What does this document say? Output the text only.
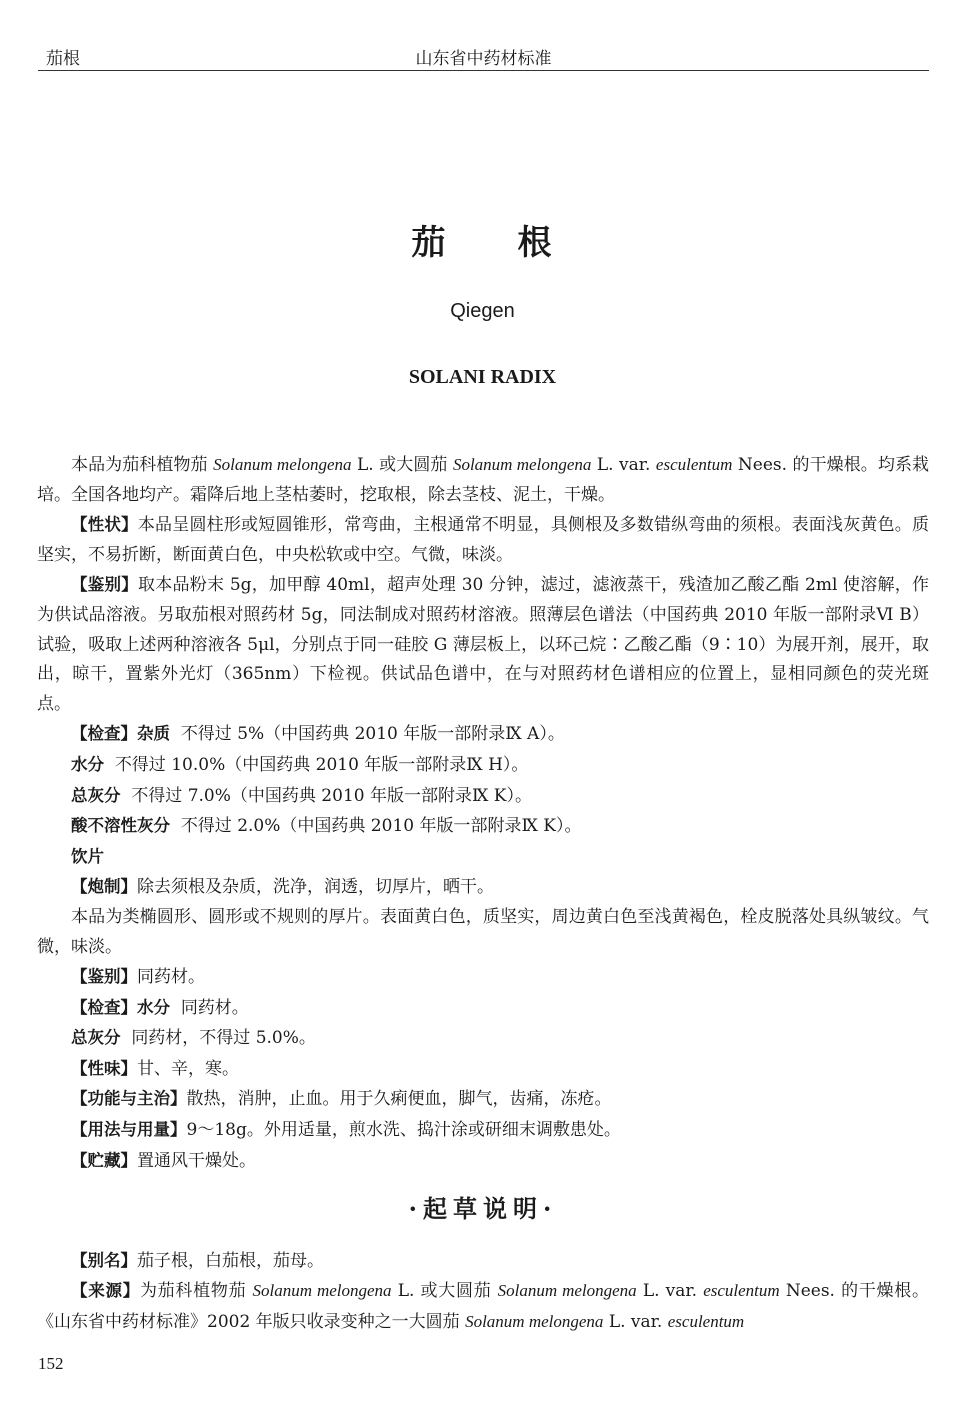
茄根	山东省中药材标准
茄 根
Qiegen
SOLANI RADIX

本品为茄科植物茄 Solanum melongena L. 或大圆茄 Solanum melongena L. var. esculentum Nees. 的干燥根。均系栽培。全国各地均产。霜降后地上茎枯萎时，挖取根，除去茎枝、泥土，干燥。

【性状】本品呈圆柱形或短圆锥形，常弯曲，主根通常不明显，具侧根及多数错纵弯曲的须根。表面浅灰黄色。质坚实，不易折断，断面黄白色，中央松软或中空。气微，味淡。

【鉴别】取本品粉末 5g，加甲醇 40ml，超声处理 30 分钟，滤过，滤液蒸干，残渣加乙酸乙酯 2ml 使溶解，作为供试品溶液。另取茄根对照药材 5g，同法制成对照药材溶液。照薄层色谱法（中国药典 2010 年版一部附录Ⅵ B）试验，吸取上述两种溶液各 5μl，分别点于同一硅胶 G 薄层板上，以环己烷∶乙酸乙酯（9∶10）为展开剂，展开，取出，晾干，置紫外光灯（365nm）下检视。供试品色谱中，在与对照药材色谱相应的位置上，显相同颜色的荧光斑点。

【检查】杂质 不得过 5%（中国药典 2010 年版一部附录Ⅸ A）。

水分 不得过 10.0%（中国药典 2010 年版一部附录Ⅸ H）。

总灰分 不得过 7.0%（中国药典 2010 年版一部附录Ⅸ K）。

酸不溶性灰分 不得过 2.0%（中国药典 2010 年版一部附录Ⅸ K）。

饮片

【炮制】除去须根及杂质，洗净，润透，切厚片，晒干。

本品为类椭圆形、圆形或不规则的厚片。表面黄白色，质坚实，周边黄白色至浅黄褐色，栓皮脱落处具纵皱纹。气微，味淡。

【鉴别】同药材。

【检查】水分 同药材。

总灰分 同药材，不得过 5.0%。

【性味】甘、辛，寒。

【功能与主治】散热，消肿，止血。用于久痢便血，脚气，齿痛，冻疮。

【用法与用量】9～18g。外用适量，煎水洗、捣汁涂或研细末调敷患处。

【贮藏】置通风干燥处。

·起草说明·

【别名】茄子根，白茄根，茄母。

【来源】为茄科植物茄 Solanum melongena L. 或大圆茄 Solanum melongena L. var. esculentum Nees. 的干燥根。《山东省中药材标准》2002 年版只收录变种之一大圆茄 Solanum melongena L. var. esculentum

152
